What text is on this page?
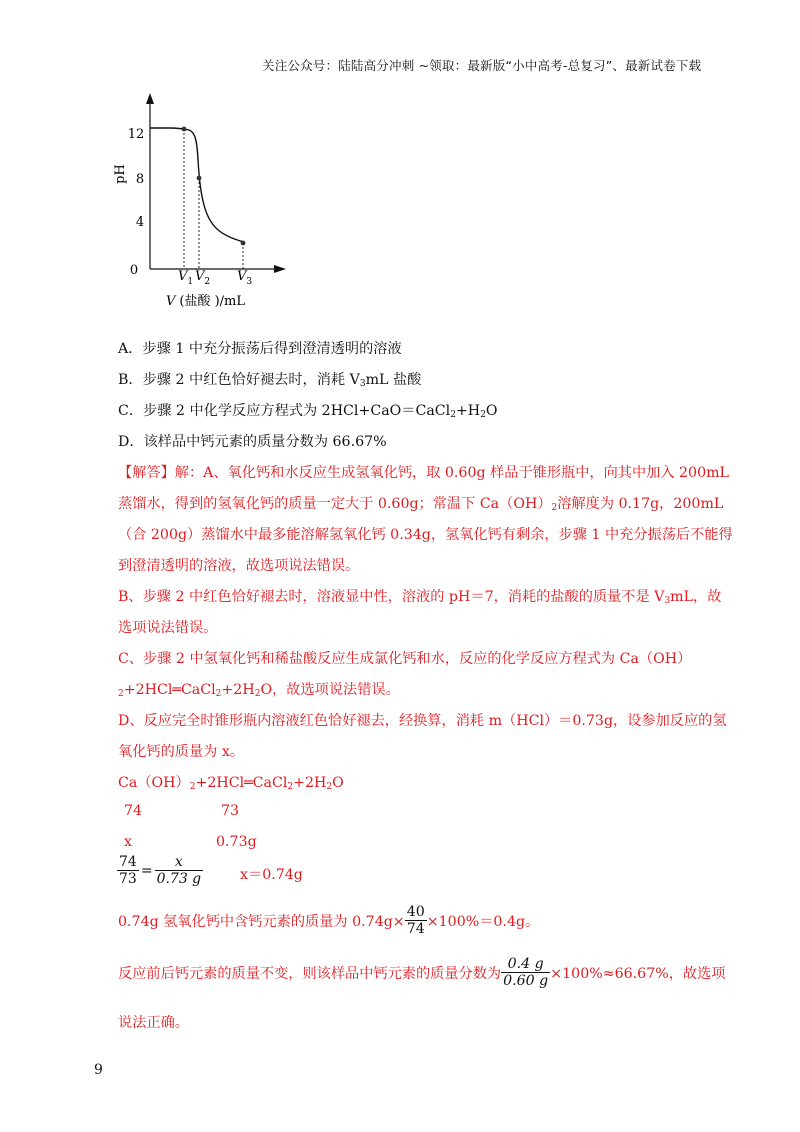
关注公众号：陆陆高分冲刺 ~领取：最新版“小中高考-总复习”、最新试卷下载
pH
0
4
8
12
$V_1$ $V_2$ $V_3$
V (盐酸 )/mL
A．步骤 1 中充分振荡后得到澄清透明的溶液
B．步骤 2 中红色恰好褪去时，消耗 $V_3mL$ 盐酸
C．步骤 2 中化学反应方程式为 $2HCl+CaO=CaCl_2+H_2O$
D．该样品中钙元素的质量分数为 66.67%
【解答】解：A、氧化钙和水反应生成氢氧化钙，取 0.60g 样品于锥形瓶中，向其中加入 200mL
蒸馏水，得到的氢氧化钙的质量一定大于 0.60g；常温下 $Ca(OH)_2$溶解度为 0.17g，200mL
（合 200g）蒸馏水中最多能溶解氢氧化钙 0.34g，氢氧化钙有剩余，步骤 1 中充分振荡后不能得
到澄清透明的溶液，故选项说法错误。
B、步骤 2 中红色恰好褪去时，溶液显中性，溶液的 pH＝7，消耗的盐酸的质量不是 $V_3mL$，故
选项说法错误。
C、步骤 2 中氢氧化钙和稀盐酸反应生成氯化钙和水，反应的化学反应方程式为 Ca（OH）
$_2+2HCl═CaCl_2+2H_2O$，故选项说法错误。
D、反应完全时锥形瓶内溶液红色恰好褪去，经换算，消耗 m（HCl）＝0.73g，设参加反应的氢
氧化钙的质量为 x。
$Ca(OH)_2+2HCl═CaCl_2+2H_2O$
74	73
x	0.73g
$\frac{74}{73} = \frac{x}{0.73 g}$	x＝0.74g
0.74g 氢氧化钙中含钙元素的质量为 $0.74g\times \frac{40}{74} \times 100\%=0.4g$。
反应前后钙元素的质量不变，则该样品中钙元素的质量分数为 $\frac{0.4 g}{0.60 g} \times 100\%\approx 66.67\%$，故选项
说法正确。
9
